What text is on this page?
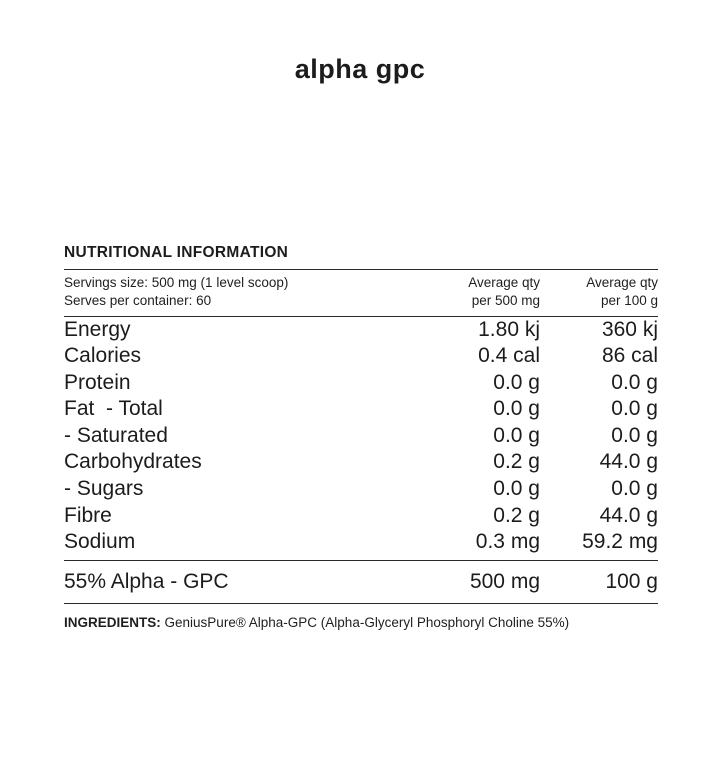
alpha gpc
NUTRITIONAL INFORMATION
Servings size: 500 mg (1 level scoop)
Serves per container: 60
Average qty
per 500 mg
Average qty
per 100 g
Energy	1.80 kj	360 kj
Calories	0.4 cal	86 cal
Protein	0.0 g	0.0 g
Fat  - Total	0.0 g	0.0 g
- Saturated	0.0 g	0.0 g
Carbohydrates	0.2 g	44.0 g
- Sugars	0.0 g	0.0 g
Fibre	0.2 g	44.0 g
Sodium	0.3 mg	59.2 mg
55% Alpha - GPC	500 mg	100 g
INGREDIENTS: GeniusPure® Alpha-GPC (Alpha-Glyceryl Phosphoryl Choline 55%)
